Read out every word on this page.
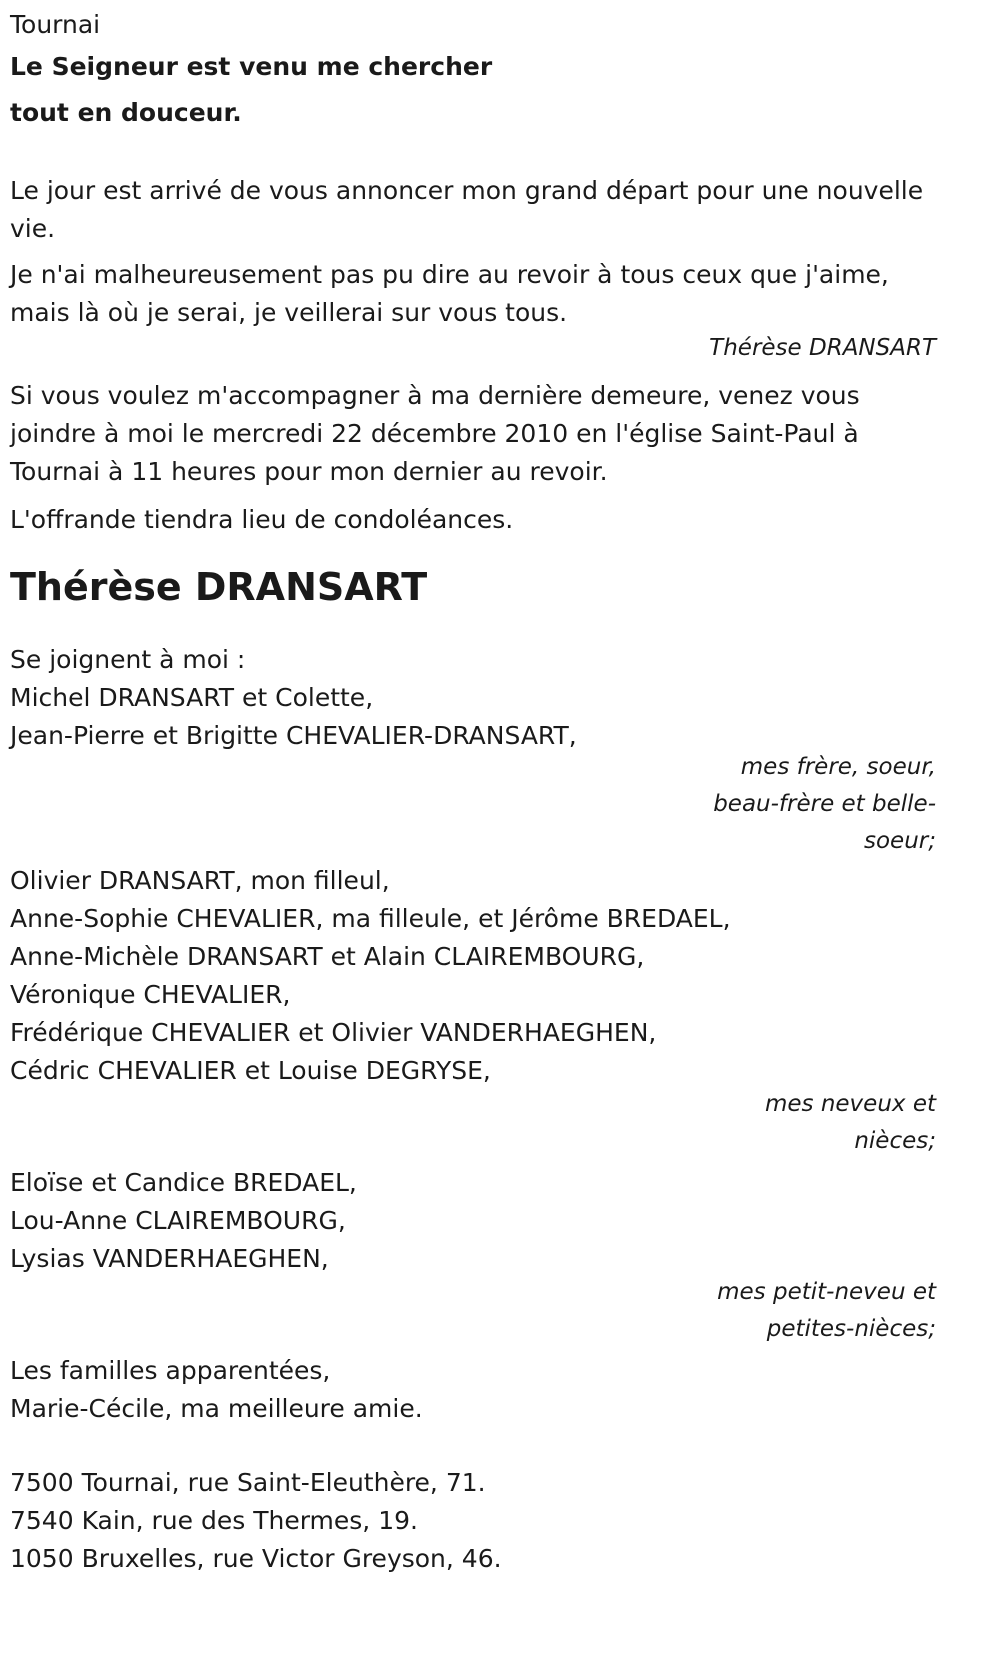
Tournai
Le Seigneur est venu me chercher
tout en douceur.

Le jour est arrivé de vous annoncer mon grand départ pour une nouvelle vie.

Je n'ai malheureusement pas pu dire au revoir à tous ceux que j'aime, mais là où je serai, je veillerai sur vous tous.

Thérèse DRANSART

Si vous voulez m'accompagner à ma dernière demeure, venez vous joindre à moi le mercredi 22 décembre 2010 en l'église Saint-Paul à Tournai à 11 heures pour mon dernier au revoir.

L'offrande tiendra lieu de condoléances.

Thérèse DRANSART
Se joignent à moi :
Michel DRANSART et Colette,
Jean-Pierre et Brigitte CHEVALIER-DRANSART,
mes frère, soeur,
beau-frère et belle-
soeur;
Olivier DRANSART, mon filleul,
Anne-Sophie CHEVALIER, ma filleule, et Jérôme BREDAEL,
Anne-Michèle DRANSART et Alain CLAIREMBOURG,
Véronique CHEVALIER,
Frédérique CHEVALIER et Olivier VANDERHAEGHEN,
Cédric CHEVALIER et Louise DEGRYSE,
mes neveux et
nièces;
Eloïse et Candice BREDAEL,
Lou-Anne CLAIREMBOURG,
Lysias VANDERHAEGHEN,
mes petit-neveu et
petites-nièces;
Les familles apparentées,
Marie-Cécile, ma meilleure amie.
7500 Tournai, rue Saint-Eleuthère, 71.
7540 Kain, rue des Thermes, 19.
1050 Bruxelles, rue Victor Greyson, 46.
